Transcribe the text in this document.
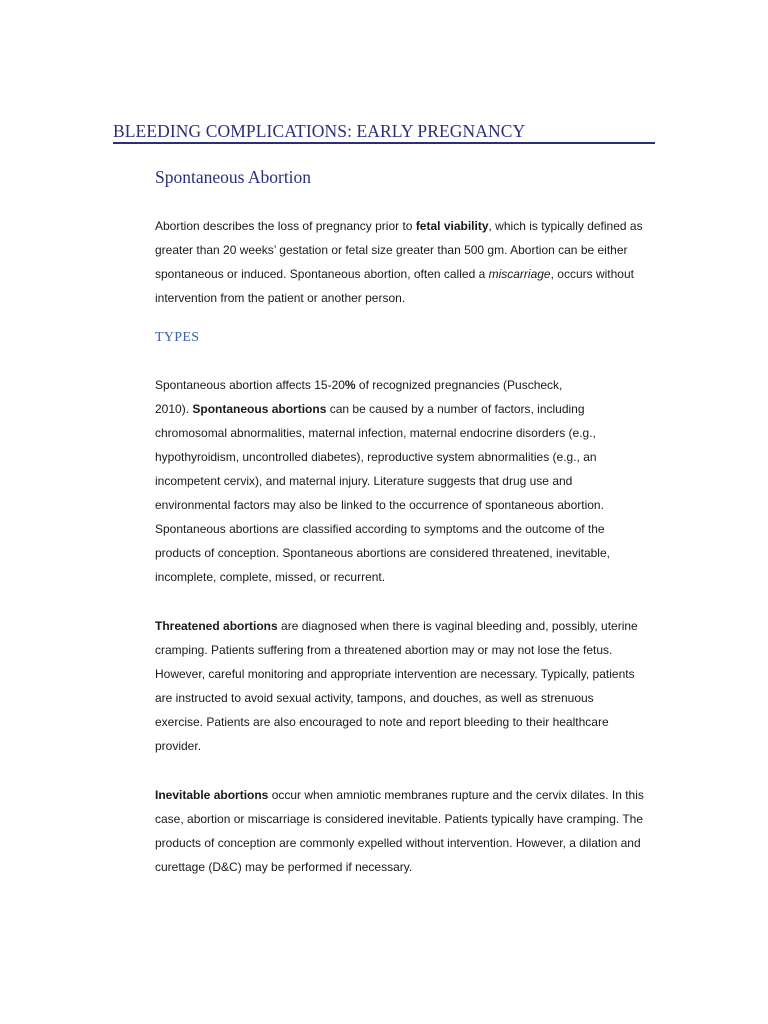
BLEEDING COMPLICATIONS: EARLY PREGNANCY
Spontaneous Abortion

Abortion describes the loss of pregnancy prior to fetal viability, which is typically defined as
greater than 20 weeks’ gestation or fetal size greater than 500 gm. Abortion can be either
spontaneous or induced. Spontaneous abortion, often called a miscarriage, occurs without
intervention from the patient or another person.

TYPES

Spontaneous abortion affects 15-20% of recognized pregnancies (Puscheck,
2010). Spontaneous abortions can be caused by a number of factors, including
chromosomal abnormalities, maternal infection, maternal endocrine disorders (e.g.,
hypothyroidism, uncontrolled diabetes), reproductive system abnormalities (e.g., an
incompetent cervix), and maternal injury. Literature suggests that drug use and
environmental factors may also be linked to the occurrence of spontaneous abortion.
Spontaneous abortions are classified according to symptoms and the outcome of the
products of conception. Spontaneous abortions are considered threatened, inevitable,
incomplete, complete, missed, or recurrent.

Threatened abortions are diagnosed when there is vaginal bleeding and, possibly, uterine
cramping. Patients suffering from a threatened abortion may or may not lose the fetus.
However, careful monitoring and appropriate intervention are necessary. Typically, patients
are instructed to avoid sexual activity, tampons, and douches, as well as strenuous
exercise. Patients are also encouraged to note and report bleeding to their healthcare
provider.

Inevitable abortions occur when amniotic membranes rupture and the cervix dilates. In this
case, abortion or miscarriage is considered inevitable. Patients typically have cramping. The
products of conception are commonly expelled without intervention. However, a dilation and
curettage (D&C) may be performed if necessary.
